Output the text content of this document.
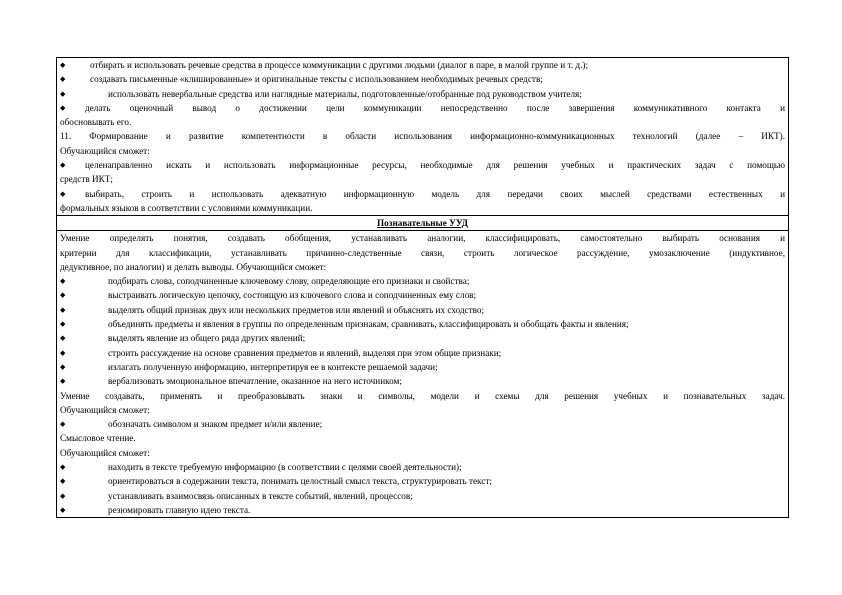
◆	отбирать и использовать речевые средства в процессе коммуникации с другими людьми (диалог в паре, в малой группе и т. д.);
◆	создавать письменные «клишированные» и оригинальные тексты с использованием необходимых речевых средств;
◆	использовать невербальные средства или наглядные материалы, подготовленные/отобранные под руководством учителя;
◆ делать оценочный вывод о достижении цели коммуникации непосредственно после завершения коммуникативного контакта и
обосновывать его.
11. Формирование и развитие компетентности в области использования информационно-коммуникационных технологий (далее – ИКТ).
Обучающийся сможет:
◆ целенаправленно искать и использовать информационные ресурсы, необходимые для решения учебных и практических задач с помощью
средств ИКТ;
◆ выбирать, строить и использовать адекватную информационную модель для передачи своих мыслей средствами естественных и
формальных языков в соответствии с условиями коммуникации.
Познавательные УУД
Умение определять понятия, создавать обобщения, устанавливать аналогии, классифицировать, самостоятельно выбирать основания и
критерии для классификации, устанавливать причинно-следственные связи, строить логическое рассуждение, умозаключение (индуктивное,
дедуктивное, по аналогии) и делать выводы. Обучающийся сможет:
◆	подбирать слова, соподчиненные ключевому слову, определяющие его признаки и свойства;
◆	выстраивать логическую цепочку, состоящую из ключевого слова и соподчиненных ему слов;
◆	выделять общий признак двух или нескольких предметов или явлений и объяснять их сходство;
◆	объединять предметы и явления в группы по определенным признакам, сравнивать, классифицировать и обобщать факты и явления;
◆	выделять явление из общего ряда других явлений;
◆	строить рассуждение на основе сравнения предметов и явлений, выделяя при этом общие признаки;
◆	излагать полученную информацию, интерпретируя ее в контексте решаемой задачи;
◆	вербализовать эмоциональное впечатление, оказанное на него источником;
Умение создавать, применять и преобразовывать знаки и символы, модели и схемы для решения учебных и познавательных задач.
Обучающийся сможет:
◆	обозначать символом и знаком предмет и/или явление;
Смысловое чтение.
Обучающийся сможет:
◆	находить в тексте требуемую информацию (в соответствии с целями своей деятельности);
◆	ориентироваться в содержании текста, понимать целостный смысл текста, структурировать текст;
◆	устанавливать взаимосвязь описанных в тексте событий, явлений, процессов;
◆	резюмировать главную идею текста.
